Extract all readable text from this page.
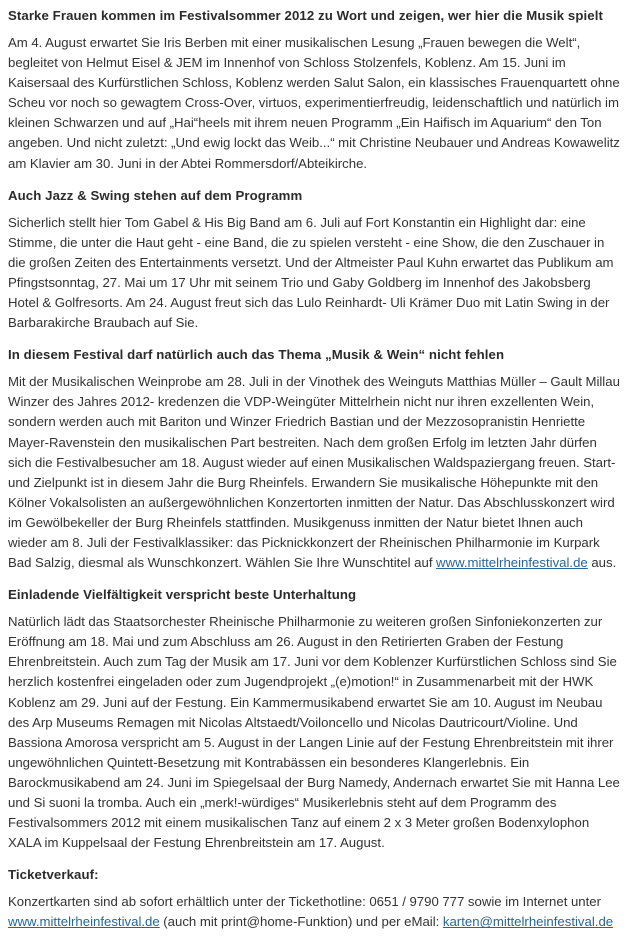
Starke Frauen kommen im Festivalsommer 2012 zu Wort und zeigen, wer hier die Musik spielt

Am 4. August erwartet Sie Iris Berben mit einer musikalischen Lesung „Frauen bewegen die Welt“, begleitet von Helmut Eisel & JEM im Innenhof von Schloss Stolzenfels, Koblenz. Am 15. Juni im Kaisersaal des Kurfürstlichen Schloss, Koblenz werden Salut Salon, ein klassisches Frauenquartett ohne Scheu vor noch so gewagtem Cross-Over, virtuos, experimentierfreudig, leidenschaftlich und natürlich im kleinen Schwarzen und auf „Hai“heels mit ihrem neuen Programm „Ein Haifisch im Aquarium“ den Ton angeben. Und nicht zuletzt: „Und ewig lockt das Weib...“ mit Christine Neubauer und Andreas Kowawelitz am Klavier am 30. Juni in der Abtei Rommersdorf/Abteikirche.

Auch Jazz & Swing stehen auf dem Programm

Sicherlich stellt hier Tom Gabel & His Big Band am 6. Juli auf Fort Konstantin ein Highlight dar: eine Stimme, die unter die Haut geht - eine Band, die zu spielen versteht - eine Show, die den Zuschauer in die großen Zeiten des Entertainments versetzt. Und der Altmeister Paul Kuhn erwartet das Publikum am Pfingstsonntag, 27. Mai um 17 Uhr mit seinem Trio und Gaby Goldberg im Innenhof des Jakobsberg Hotel & Golfresorts. Am 24. August freut sich das Lulo Reinhardt- Uli Krämer Duo mit Latin Swing in der Barbarakirche Braubach auf Sie.

In diesem Festival darf natürlich auch das Thema „Musik & Wein“ nicht fehlen

Mit der Musikalischen Weinprobe am 28. Juli in der Vinothek des Weinguts Matthias Müller – Gault Millau Winzer des Jahres 2012- kredenzen die VDP-Weingüter Mittelrhein nicht nur ihren exzellenten Wein, sondern werden auch mit Bariton und Winzer Friedrich Bastian und der Mezzosopranistin Henriette Mayer-Ravenstein den musikalischen Part bestreiten. Nach dem großen Erfolg im letzten Jahr dürfen sich die Festivalbesucher am 18. August wieder auf einen Musikalischen Waldspaziergang freuen. Start- und Zielpunkt ist in diesem Jahr die Burg Rheinfels. Erwandern Sie musikalische Höhepunkte mit den Kölner Vokalsolisten an außergewöhnlichen Konzertorten inmitten der Natur. Das Abschlusskonzert wird im Gewölbekeller der Burg Rheinfels stattfinden. Musikgenuss inmitten der Natur bietet Ihnen auch wieder am 8. Juli der Festivalklassiker: das Picknickkonzert der Rheinischen Philharmonie im Kurpark Bad Salzig, diesmal als Wunschkonzert. Wählen Sie Ihre Wunschtitel auf www.mittelrheinfestival.de aus.

Einladende Vielfältigkeit verspricht beste Unterhaltung

Natürlich lädt das Staatsorchester Rheinische Philharmonie zu weiteren großen Sinfoniekonzerten zur Eröffnung am 18. Mai und zum Abschluss am 26. August in den Retirierten Graben der Festung Ehrenbreitstein. Auch zum Tag der Musik am 17. Juni vor dem Koblenzer Kurfürstlichen Schloss sind Sie herzlich kostenfrei eingeladen oder zum Jugendprojekt „(e)motion!“ in Zusammenarbeit mit der HWK Koblenz am 29. Juni auf der Festung. Ein Kammermusikabend erwartet Sie am 10. August im Neubau des Arp Museums Remagen mit Nicolas Altstaedt/Voiloncello und Nicolas Dautricourt/Violine. Und Bassiona Amorosa verspricht am 5. August in der Langen Linie auf der Festung Ehrenbreitstein mit ihrer ungewöhnlichen Quintett-Besetzung mit Kontrabässen ein besonderes Klangerlebnis. Ein Barockmusikabend am 24. Juni im Spiegelsaal der Burg Namedy, Andernach erwartet Sie mit Hanna Lee und Si suoni la tromba. Auch ein „merk!-würdiges“ Musikerlebnis steht auf dem Programm des Festivalsommers 2012 mit einem musikalischen Tanz auf einem 2 x 3 Meter großen Bodenxylophon XALA im Kuppelsaal der Festung Ehrenbreitstein am 17. August.

Ticketverkauf:

Konzertkarten sind ab sofort erhältlich unter der Tickethotline: 0651 / 9790 777 sowie im Internet unter www.mittelrheinfestival.de (auch mit print@home-Funktion) und per eMail: karten@mittelrheinfestival.de
